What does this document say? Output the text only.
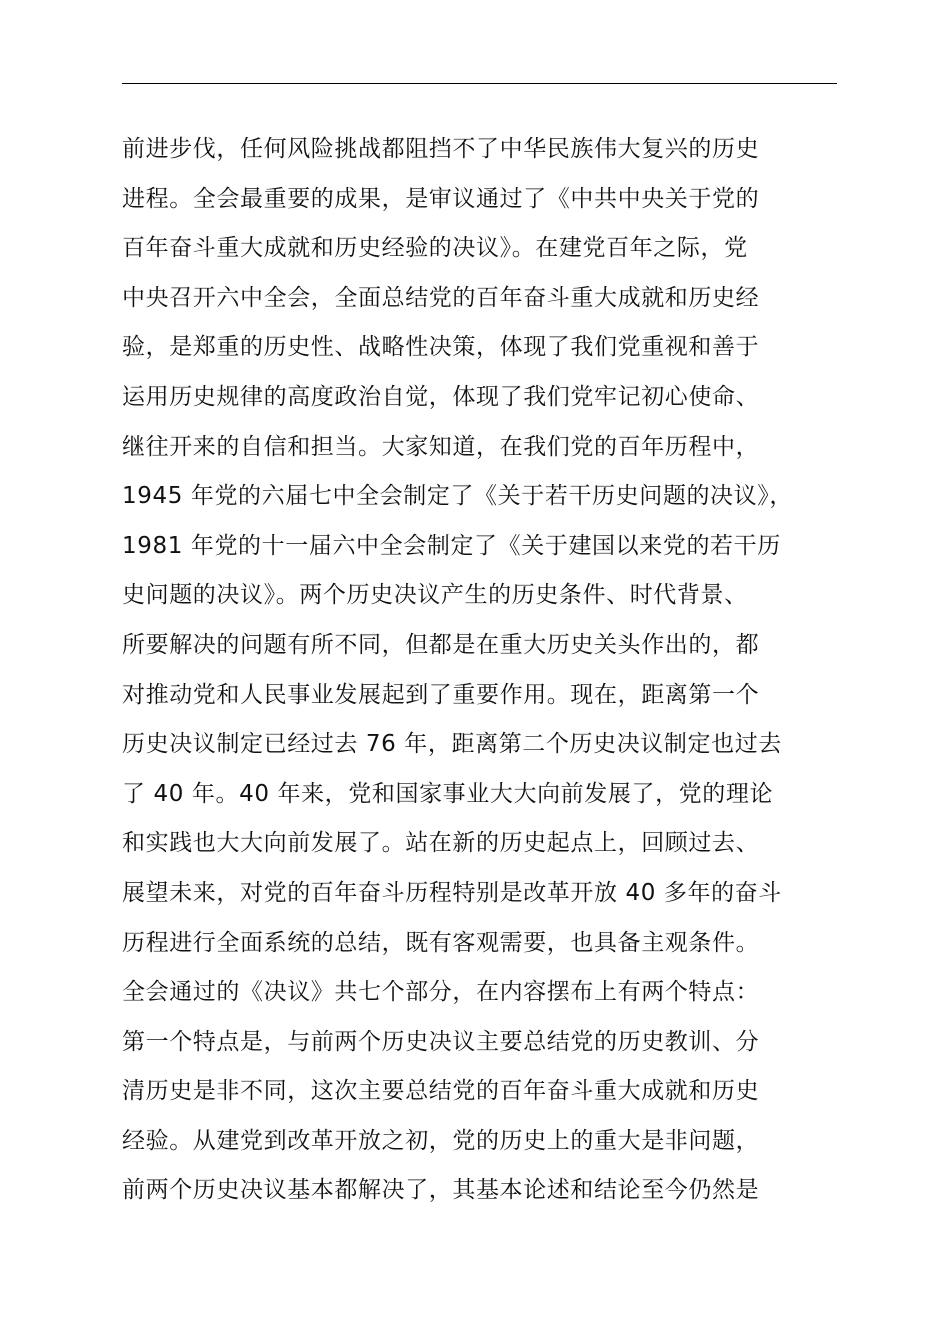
前进步伐，任何风险挑战都阻挡不了中华民族伟大复兴的历史
进程。全会最重要的成果，是审议通过了《中共中央关于党的
百年奋斗重大成就和历史经验的决议》。在建党百年之际，党
中央召开六中全会，全面总结党的百年奋斗重大成就和历史经
验，是郑重的历史性、战略性决策，体现了我们党重视和善于
运用历史规律的高度政治自觉，体现了我们党牢记初心使命、
继往开来的自信和担当。大家知道，在我们党的百年历程中，
1945 年党的六届七中全会制定了《关于若干历史问题的决议》，
1981 年党的十一届六中全会制定了《关于建国以来党的若干历
史问题的决议》。两个历史决议产生的历史条件、时代背景、
所要解决的问题有所不同，但都是在重大历史关头作出的，都
对推动党和人民事业发展起到了重要作用。现在，距离第一个
历史决议制定已经过去 76 年，距离第二个历史决议制定也过去
了 40 年。40 年来，党和国家事业大大向前发展了，党的理论
和实践也大大向前发展了。站在新的历史起点上，回顾过去、
展望未来，对党的百年奋斗历程特别是改革开放 40 多年的奋斗
历程进行全面系统的总结，既有客观需要，也具备主观条件。
全会通过的《决议》共七个部分，在内容摆布上有两个特点：
第一个特点是，与前两个历史决议主要总结党的历史教训、分
清历史是非不同，这次主要总结党的百年奋斗重大成就和历史
经验。从建党到改革开放之初，党的历史上的重大是非问题，
前两个历史决议基本都解决了，其基本论述和结论至今仍然是
